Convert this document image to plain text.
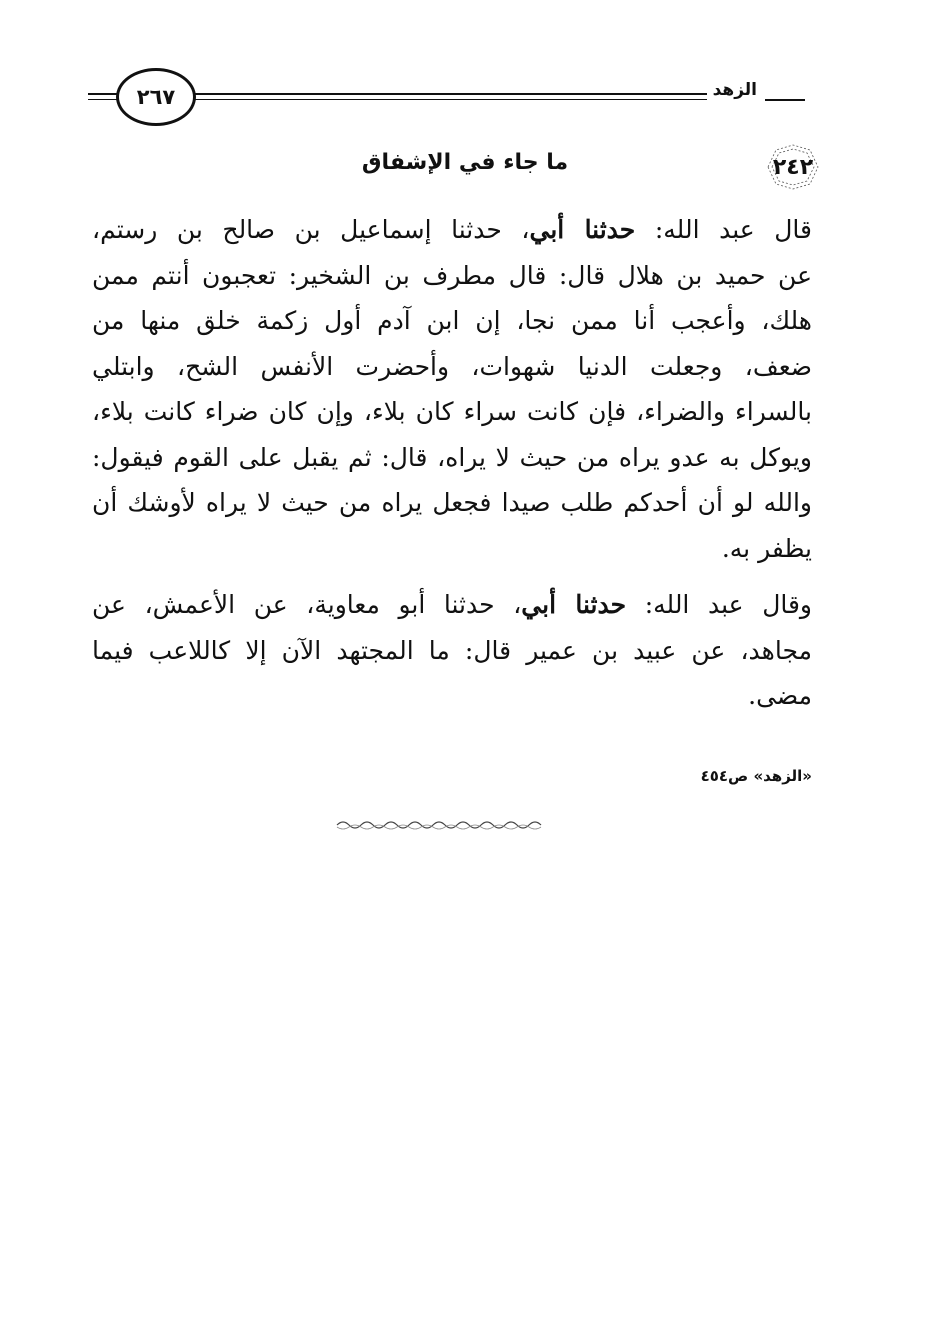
٢٦٧	الزهد
٢٤٢
ما جاء في الإشفاق
قال عبد الله: حدثنا أبي، حدثنا إسماعيل بن صالح بن رستم،
عن حميد بن هلال قال: قال مطرف بن الشخير: تعجبون أنتم ممن
هلك، وأعجب أنا ممن نجا، إن ابن آدم أول زكمة خلق منها من
ضعف، وجعلت الدنيا شهوات، وأحضرت الأنفس الشح، وابتلي
بالسراء والضراء، فإن كانت سراء كان بلاء، وإن كان ضراء كانت بلاء،
ويوكل به عدو يراه من حيث لا يراه، قال: ثم يقبل على القوم فيقول:
والله لو أن أحدكم طلب صيدا فجعل يراه من حيث لا يراه لأوشك أن
يظفر به.
وقال عبد الله: حدثنا أبي، حدثنا أبو معاوية، عن الأعمش، عن
مجاهد، عن عبيد بن عمير قال: ما المجتهد الآن إلا كاللاعب فيما
مضى.
«الزهد» ص٤٥٤
